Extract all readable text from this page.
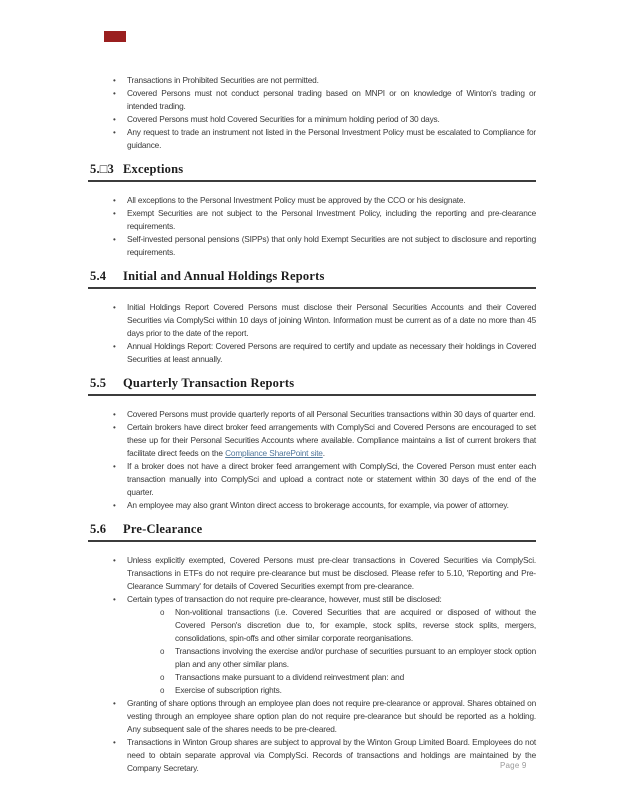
•	Transactions in Prohibited Securities are not permitted.
•	Covered Persons must not conduct personal trading based on MNPI or on knowledge of Winton's trading or intended trading.
•	Covered Persons must hold Covered Securities for a minimum holding period of 30 days.
•	Any request to trade an instrument not listed in the Personal Investment Policy must be escalated to Compliance for guidance.
5.□3 Exceptions
•	All exceptions to the Personal Investment Policy must be approved by the CCO or his designate.
•	Exempt Securities are not subject to the Personal Investment Policy, including the reporting and pre-clearance requirements.
•	Self-invested personal pensions (SIPPs) that only hold Exempt Securities are not subject to disclosure and reporting requirements.
5.4	Initial and Annual Holdings Reports
•	Initial Holdings Report Covered Persons must disclose their Personal Securities Accounts and their Covered Securities via ComplySci within 10 days of joining Winton. Information must be current as of a date no more than 45 days prior to the date of the report.
•	Annual Holdings Report: Covered Persons are required to certify and update as necessary their holdings in Covered Securities at least annually.
5.5	Quarterly Transaction Reports
•	Covered Persons must provide quarterly reports of all Personal Securities transactions within 30 days of quarter end.
•	Certain brokers have direct broker feed arrangements with ComplySci and Covered Persons are encouraged to set these up for their Personal Securities Accounts where available. Compliance maintains a list of current brokers that facilitate direct feeds on the Compliance SharePoint site.
•	If a broker does not have a direct broker feed arrangement with ComplySci, the Covered Person must enter each transaction manually into ComplySci and upload a contract note or statement within 30 days of the end of the quarter.
•	An employee may also grant Winton direct access to brokerage accounts, for example, via power of attorney.
5.6	Pre-Clearance
•	Unless explicitly exempted, Covered Persons must pre-clear transactions in Covered Securities via ComplySci. Transactions in ETFs do not require pre-clearance but must be disclosed. Please refer to 5.10, 'Reporting and Pre-Clearance Summary' for details of Covered Securities exempt from pre-clearance.
•	Certain types of transaction do not require pre-clearance, however, must still be disclosed:
o	Non-volitional transactions (i.e. Covered Securities that are acquired or disposed of without the Covered Person's discretion due to, for example, stock splits, reverse stock splits, mergers, consolidations, spin-offs and other similar corporate reorganisations.
o	Transactions involving the exercise and/or purchase of securities pursuant to an employer stock option plan and any other similar plans.
o	Transactions make pursuant to a dividend reinvestment plan: and
o	Exercise of subscription rights.
•	Granting of share options through an employee plan does not require pre-clearance or approval. Shares obtained on vesting through an employee share option plan do not require pre-clearance but should be reported as a holding. Any subsequent sale of the shares needs to be pre-cleared.
•	Transactions in Winton Group shares are subject to approval by the Winton Group Limited Board. Employees do not need to obtain separate approval via ComplySci. Records of transactions and holdings are maintained by the Company Secretary.	Page 9
